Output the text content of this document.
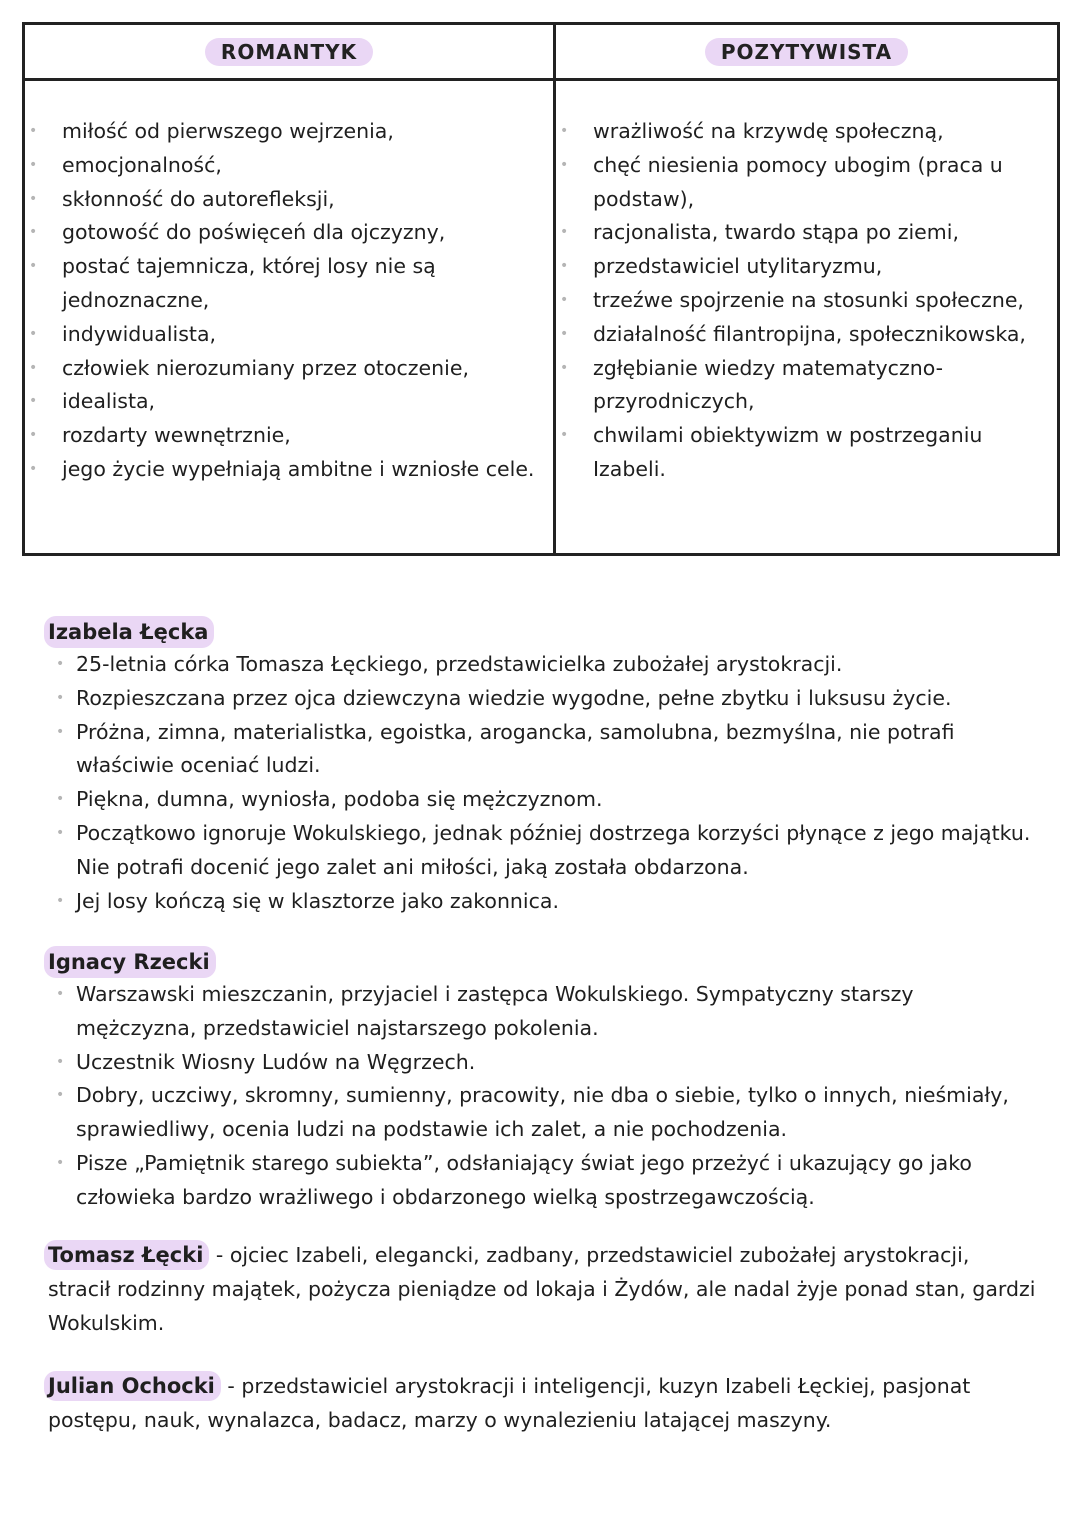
ROMANTYK	POZYTYWISTA
• miłość od pierwszego wejrzenia,
• emocjonalność,
• skłonność do autorefleksji,
• gotowość do poświęceń dla ojczyzny,
• postać tajemnicza, której losy nie są jednoznaczne,
• indywidualista,
• człowiek nierozumiany przez otoczenie,
• idealista,
• rozdarty wewnętrznie,
• jego życie wypełniają ambitne i wzniosłe cele.
• wrażliwość na krzywdę społeczną,
• chęć niesienia pomocy ubogim (praca u podstaw),
• racjonalista, twardo stąpa po ziemi,
• przedstawiciel utylitaryzmu,
• trzeźwe spojrzenie na stosunki społeczne,
• działalność filantropijna, społecznikowska,
• zgłębianie wiedzy matematyczno-przyrodniczych,
• chwilami obiektywizm w postrzeganiu Izabeli.
Izabela Łęcka
• 25-letnia córka Tomasza Łęckiego, przedstawicielka zubożałej arystokracji.
• Rozpieszczana przez ojca dziewczyna wiedzie wygodne, pełne zbytku i luksusu życie.
• Próżna, zimna, materialistka, egoistka, arogancka, samolubna, bezmyślna, nie potrafi właściwie oceniać ludzi.
• Piękna, dumna, wyniosła, podoba się mężczyznom.
• Początkowo ignoruje Wokulskiego, jednak później dostrzega korzyści płynące z jego majątku. Nie potrafi docenić jego zalet ani miłości, jaką została obdarzona.
• Jej losy kończą się w klasztorze jako zakonnica.
Ignacy Rzecki
• Warszawski mieszczanin, przyjaciel i zastępca Wokulskiego. Sympatyczny starszy mężczyzna, przedstawiciel najstarszego pokolenia.
• Uczestnik Wiosny Ludów na Węgrzech.
• Dobry, uczciwy, skromny, sumienny, pracowity, nie dba o siebie, tylko o innych, nieśmiały, sprawiedliwy, ocenia ludzi na podstawie ich zalet, a nie pochodzenia.
• Pisze „Pamiętnik starego subiekta”, odsłaniający świat jego przeżyć i ukazujący go jako człowieka bardzo wrażliwego i obdarzonego wielką spostrzegawczością.
Tomasz Łęcki - ojciec Izabeli, elegancki, zadbany, przedstawiciel zubożałej arystokracji, stracił rodzinny majątek, pożycza pieniądze od lokaja i Żydów, ale nadal żyje ponad stan, gardzi Wokulskim.
Julian Ochocki - przedstawiciel arystokracji i inteligencji, kuzyn Izabeli Łęckiej, pasjonat postępu, nauk, wynalazca, badacz, marzy o wynalezieniu latającej maszyny.
